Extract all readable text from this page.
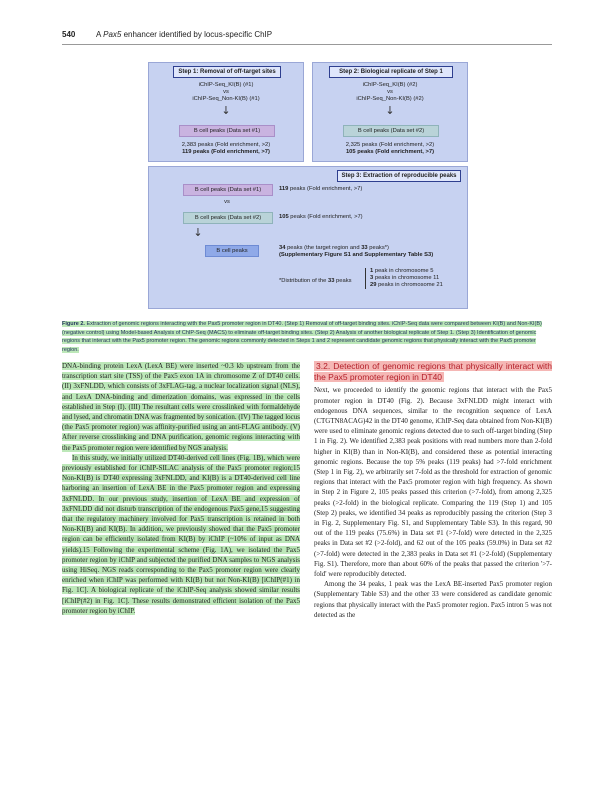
540	A Pax5 enhancer identified by locus-specific ChIP
Step 1: Removal of off-target sites
iChIP-Seq_KI(B) (#1)
vs
iChIP-Seq_Non-KI(B) (#1)
↓
B cell peaks (Data set #1)
2,383 peaks (Fold enrichment, >2)
119 peaks (Fold enrichment, >7)
Step 2: Biological replicate of Step 1
iChIP-Seq_KI(B) (#2)
vs
iChIP-Seq_Non-KI(B) (#2)
↓
B cell peaks (Data set #2)
2,325 peaks (Fold enrichment, >2)
105 peaks (Fold enrichment, >7)
Step 3: Extraction of reproducible peaks
B cell peaks (Data set #1)	119 peaks (Fold enrichment, >7)
vs
B cell peaks (Data set #2)	105 peaks (Fold enrichment, >7)
↓
B cell peaks	34 peaks (the target region and 33 peaks*)
(Supplementary Figure S1 and Supplementary Table S3)
*Distribution of the 33 peaks
1 peak in chromosome 5
3 peaks in chromosome 11
29 peaks in chromosome 21
Figure 2. Extraction of genomic regions interacting with the Pax5 promoter region in DT40. (Step 1) Removal of off-target binding sites. iChIP-Seq data were compared between KI(B) and Non-KI(B) (negative control) using Model-based Analysis of ChIP-Seq (MACS) to eliminate off-target binding sites. (Step 2) Analysis of another biological replicate of Step 1. (Step 3) Identification of genomic regions that interact with the Pax5 promoter region. The genomic regions commonly detected in Steps 1 and 2 represent candidate genomic regions that physically interact with the Pax5 promoter region.

DNA-binding protein LexA (LexA BE) were inserted ~0.3 kb upstream from the transcription start site (TSS) of the Pax5 exon 1A in chromosome Z of DT40 cells. (II) 3xFNLDD, which consists of 3xFLAG-tag, a nuclear localization signal (NLS), and LexA DNA-binding and dimerization domains, was expressed in the cells established in Step (I). (III) The resultant cells were crosslinked with formaldehyde and lysed, and chromatin DNA was fragmented by sonication. (IV) The tagged locus (the Pax5 promoter region) was affinity-purified using an anti-FLAG antibody. (V) After reverse crosslinking and DNA purification, genomic regions interacting with the Pax5 promoter region were identified by NGS analysis.

In this study, we initially utilized DT40-derived cell lines (Fig. 1B), which were previously established for iChIP-SILAC analysis of the Pax5 promoter region;15 Non-KI(B) is DT40 expressing 3xFNLDD, and KI(B) is a DT40-derived cell line harboring an insertion of LexA BE in the Pax5 promoter region and expressing 3xFNLDD. In our previous study, insertion of LexA BE and expression of 3xFNLDD did not disturb transcription of the endogenous Pax5 gene,15 suggesting that the regulatory machinery involved for Pax5 transcription is retained in both Non-KI(B) and KI(B). In addition, we previously showed that the Pax5 promoter region can be efficiently isolated from KI(B) by iChIP (~10% of input as DNA yields).15 Following the experimental scheme (Fig. 1A), we isolated the Pax5 promoter region by iChIP and subjected the purified DNA samples to NGS analysis using HiSeq. NGS reads corresponding to the Pax5 promoter region were clearly enriched when iChIP was performed with KI(B) but not Non-KI(B) [iChIP(#1) in Fig. 1C]. A biological replicate of the iChIP-Seq analysis showed similar results [iChIP(#2) in Fig. 1C]. These results demonstrated efficient isolation of the Pax5 promoter region by iChIP.

3.2. Detection of genomic regions that physically interact with the Pax5 promoter region in DT40

Next, we proceeded to identify the genomic regions that interact with the Pax5 promoter region in DT40 (Fig. 2). Because 3xFNLDD might interact with endogenous DNA sequences, similar to the recognition sequence of LexA (CTGTN8ACAG)42 in the DT40 genome, iChIP-Seq data obtained from Non-KI(B) were used to eliminate genomic regions detected due to such off-target binding (Step 1 in Fig. 2). We identified 2,383 peak positions with read numbers more than 2-fold higher in KI(B) than in Non-KI(B), and considered these as potential interacting genomic regions. Because the top 5% peaks (119 peaks) had >7-fold enrichment (Step 1 in Fig. 2), we arbitrarily set 7-fold as the threshold for extraction of genomic regions that interact with the Pax5 promoter region with high frequency. As shown in Step 2 in Figure 2, 105 peaks passed this criterion (>7-fold), from among 2,325 peaks (>2-fold) in the biological replicate. Comparing the 119 (Step 1) and 105 (Step 2) peaks, we identified 34 peaks as reproducibly passing the criterion (Step 3 in Fig. 2, Supplementary Fig. S1, and Supplementary Table S3). In this regard, 90 out of the 119 peaks (75.6%) in Data set #1 (>7-fold) were detected in the 2,325 peaks in Data set #2 (>2-fold), and 62 out of the 105 peaks (59.0%) in Data set #2 (>7-fold) were detected in the 2,383 peaks in Data set #1 (>2-fold) (Supplementary Fig. S1). Therefore, more than about 60% of the peaks that passed the criterion '>7-fold' were reproducibly detected.

Among the 34 peaks, 1 peak was the LexA BE-inserted Pax5 promoter region (Supplementary Table S3) and the other 33 were considered as candidate genomic regions that physically interact with the Pax5 promoter region. Pax5 intron 5 was not detected as the
